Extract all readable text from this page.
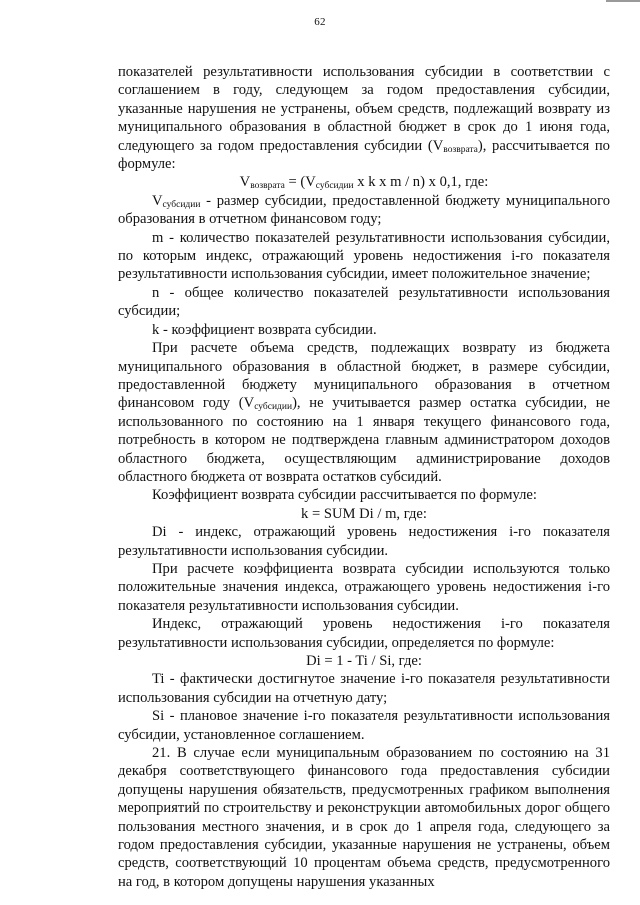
62

показателей результативности использования субсидии в соответствии с соглашением в году, следующем за годом предоставления субсидии, указанные нарушения не устранены, объем средств, подлежащий возврату из муниципального образования в областной бюджет в срок до 1 июня года, следующего за годом предоставления субсидии $(V_{возврата})$, рассчитывается по формуле:

$V_{возврата} = (V_{субсидии}$ x k x m / n) x 0,1, где:

$V_{субсидии}$ - размер субсидии, предоставленной бюджету муниципального образования в отчетном финансовом году;

m - количество показателей результативности использования субсидии, по которым индекс, отражающий уровень недостижения i-го показателя результативности использования субсидии, имеет положительное значение;

n - общее количество показателей результативности использования субсидии;

k - коэффициент возврата субсидии.

При расчете объема средств, подлежащих возврату из бюджета муниципального образования в областной бюджет, в размере субсидии, предоставленной бюджету муниципального образования в отчетном финансовом году $(V_{субсидии})$, не учитывается размер остатка субсидии, не использованного по состоянию на 1 января текущего финансового года, потребность в котором не подтверждена главным администратором доходов областного бюджета, осуществляющим администрирование доходов областного бюджета от возврата остатков субсидий.

Коэффициент возврата субсидии рассчитывается по формуле:

k = SUM Di / m, где:

Di - индекс, отражающий уровень недостижения i-го показателя результативности использования субсидии.

При расчете коэффициента возврата субсидии используются только положительные значения индекса, отражающего уровень недостижения i-го показателя результативности использования субсидии.

Индекс, отражающий уровень недостижения i-го показателя результативности использования субсидии, определяется по формуле:

Di = 1 - Ti / Si, где:

Ti - фактически достигнутое значение i-го показателя результативности использования субсидии на отчетную дату;

Si - плановое значение i-го показателя результативности использования субсидии, установленное соглашением.

21. В случае если муниципальным образованием по состоянию на 31 декабря соответствующего финансового года предоставления субсидии допущены нарушения обязательств, предусмотренных графиком выполнения мероприятий по строительству и реконструкции автомобильных дорог общего пользования местного значения, и в срок до 1 апреля года, следующего за годом предоставления субсидии, указанные нарушения не устранены, объем средств, соответствующий 10 процентам объема средств, предусмотренного на год, в котором допущены нарушения указанных
